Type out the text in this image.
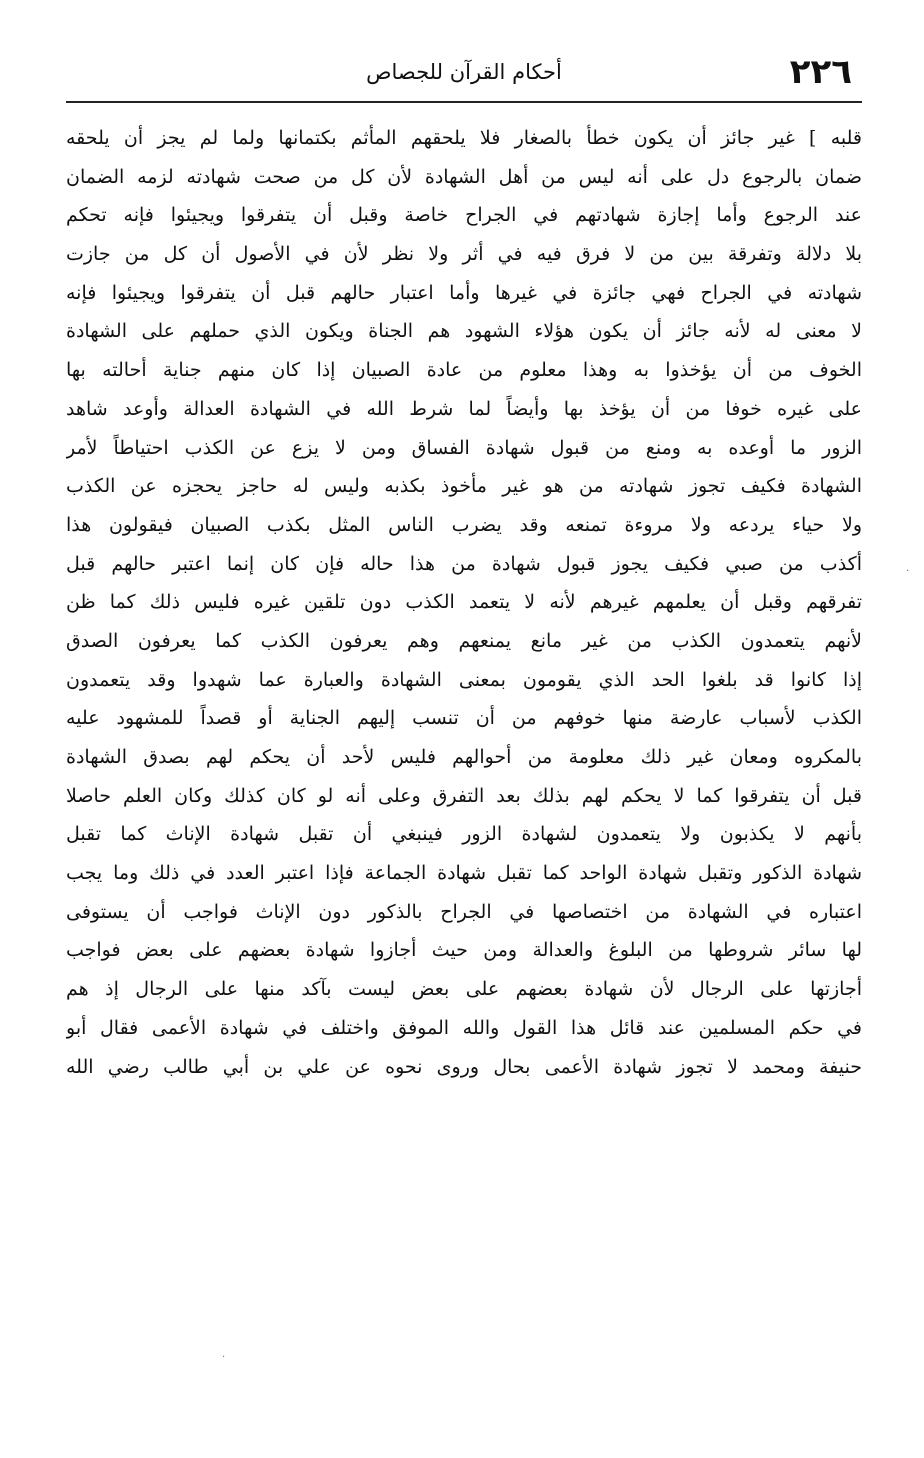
٢٢٦
أحكام القرآن للجصاص
قلبه ] غير جائز أن يكون خطأ بالصغار فلا يلحقهم المأثم بكتمانها ولما لم يجز أن يلحقه
ضمان بالرجوع دل على أنه ليس من أهل الشهادة لأن كل من صحت شهادته لزمه الضمان
عند الرجوع وأما إجازة شهادتهم في الجراح خاصة وقبل أن يتفرقوا ويجيئوا فإنه تحكم
بلا دلالة وتفرقة بين من لا فرق فيه في أثر ولا نظر لأن في الأصول أن كل من جازت
شهادته في الجراح فهي جائزة في غيرها وأما اعتبار حالهم قبل أن يتفرقوا ويجيئوا فإنه
لا معنى له لأنه جائز أن يكون هؤلاء الشهود هم الجناة ويكون الذي حملهم على الشهادة
الخوف من أن يؤخذوا به وهذا معلوم من عادة الصبيان إذا كان منهم جناية أحالته بها
على غيره خوفا من أن يؤخذ بها وأيضاً لما شرط الله في الشهادة العدالة وأوعد شاهد
الزور ما أوعده به ومنع من قبول شهادة الفساق ومن لا يزع عن الكذب احتياطاً لأمر
الشهادة فكيف تجوز شهادته من هو غير مأخوذ بكذبه وليس له حاجز يحجزه عن الكذب
ولا حياء يردعه ولا مروءة تمنعه وقد يضرب الناس المثل بكذب الصبيان فيقولون هذا
أكذب من صبي فكيف يجوز قبول شهادة من هذا حاله فإن كان إنما اعتبر حالهم قبل
تفرقهم وقبل أن يعلمهم غيرهم لأنه لا يتعمد الكذب دون تلقين غيره فليس ذلك كما ظن
لأنهم يتعمدون الكذب من غير مانع يمنعهم وهم يعرفون الكذب كما يعرفون الصدق
إذا كانوا قد بلغوا الحد الذي يقومون بمعنى الشهادة والعبارة عما شهدوا وقد يتعمدون
الكذب لأسباب عارضة منها خوفهم من أن تنسب إليهم الجناية أو قصداً للمشهود عليه
بالمكروه ومعان غير ذلك معلومة من أحوالهم فليس لأحد أن يحكم لهم بصدق الشهادة
قبل أن يتفرقوا كما لا يحكم لهم بذلك بعد التفرق وعلى أنه لو كان كذلك وكان العلم حاصلا
بأنهم لا يكذبون ولا يتعمدون لشهادة الزور فينبغي أن تقبل شهادة الإناث كما تقبل
شهادة الذكور وتقبل شهادة الواحد كما تقبل شهادة الجماعة فإذا اعتبر العدد في ذلك وما يجب
اعتباره في الشهادة من اختصاصها في الجراح بالذكور دون الإناث فواجب أن يستوفى
لها سائر شروطها من البلوغ والعدالة ومن حيث أجازوا شهادة بعضهم على بعض فواجب
أجازتها على الرجال لأن شهادة بعضهم على بعض ليست بآكد منها على الرجال إذ هم
في حكم المسلمين عند قائل هذا القول والله الموفق واختلف في شهادة الأعمى فقال أبو
حنيفة ومحمد لا تجوز شهادة الأعمى بحال وروى نحوه عن علي بن أبي طالب رضي الله
·
·
